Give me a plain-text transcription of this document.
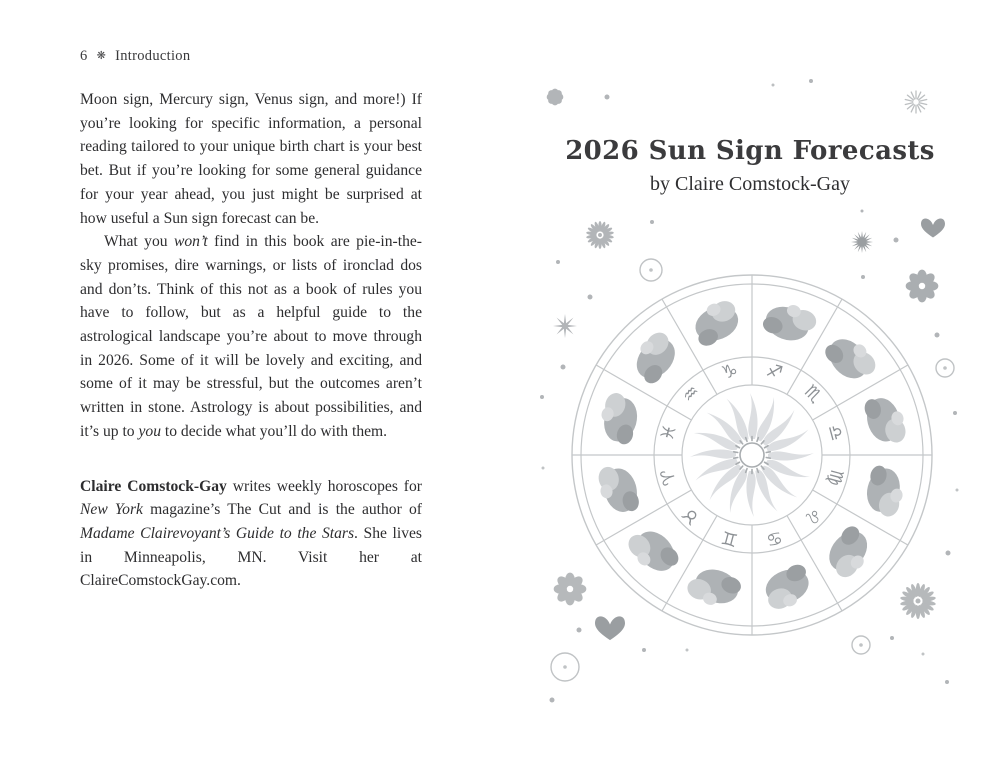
6 ❋ Introduction

Moon sign, Mercury sign, Venus sign, and more!) If you’re looking for specific information, a personal reading tailored to your unique birth chart is your best bet. But if you’re looking for some general guidance for your year ahead, you just might be surprised at how useful a Sun sign forecast can be.

What you won’t find in this book are pie-in-the-sky promises, dire warnings, or lists of ironclad dos and don’ts. Think of this not as a book of rules you have to follow, but as a helpful guide to the astrological landscape you’re about to move through in 2026. Some of it will be lovely and exciting, and some of it may be stressful, but the outcomes aren’t written in stone. Astrology is about possibilities, and it’s up to you to decide what you’ll do with them.

Claire Comstock-Gay writes weekly horoscopes for New York magazine’s The Cut and is the author of Madame Clairevoyant’s Guide to the Stars. She lives in Minneapolis, MN. Visit her at ClaireComstockGay.com.

2026 Sun Sign Forecasts
by Claire Comstock-Gay
♑ ♐
♏
♎
♍
♌
♋
♊
♉
♈
♓
♒
